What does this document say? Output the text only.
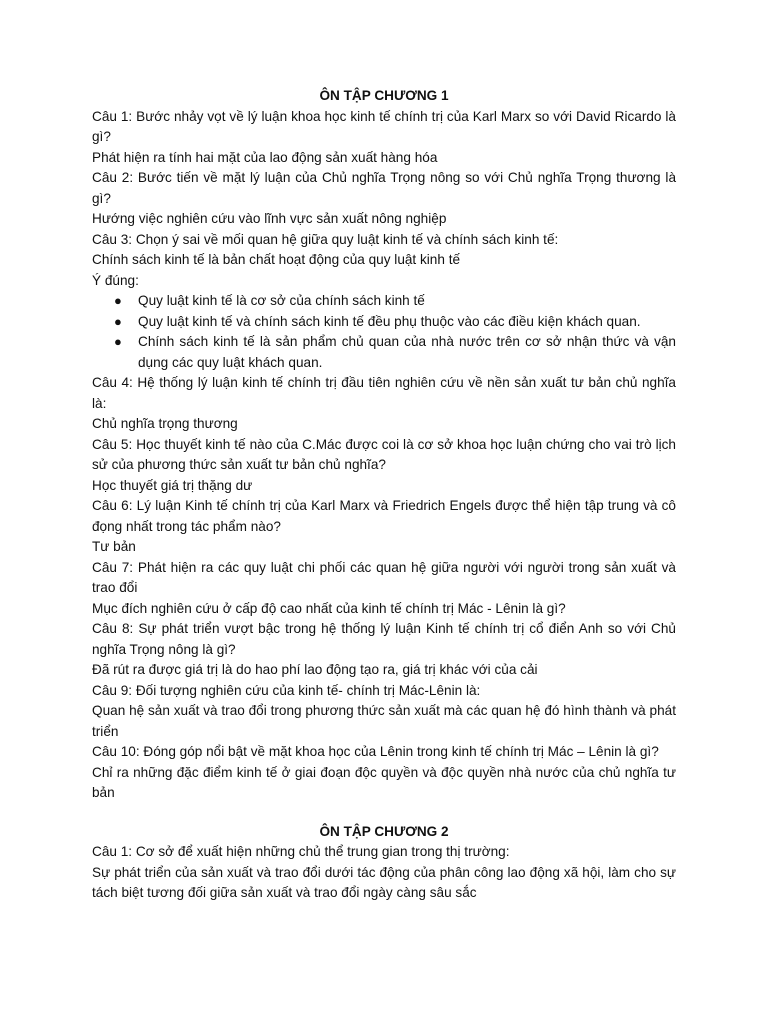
ÔN TẬP CHƯƠNG 1

Câu 1: Bước nhảy vọt về lý luận khoa học kinh tế chính trị của Karl Marx so với David Ricardo là gì?

Phát hiện ra tính hai mặt của lao động sản xuất hàng hóa

Câu 2: Bước tiến về mặt lý luận của Chủ nghĩa Trọng nông so với Chủ nghĩa Trọng thương là gì?

Hướng việc nghiên cứu vào lĩnh vực sản xuất nông nghiệp

Câu 3: Chọn ý sai về mối quan hệ giữa quy luật kinh tế và chính sách kinh tế:

Chính sách kinh tế là bản chất hoạt động của quy luật kinh tế

Ý đúng:

● Quy luật kinh tế là cơ sở của chính sách kinh tế
● Quy luật kinh tế và chính sách kinh tế đều phụ thuộc vào các điều kiện khách quan.
● Chính sách kinh tế là sản phẩm chủ quan của nhà nước trên cơ sở nhận thức và vận dụng các quy luật khách quan.

Câu 4: Hệ thống lý luận kinh tế chính trị đầu tiên nghiên cứu về nền sản xuất tư bản chủ nghĩa là:

Chủ nghĩa trọng thương

Câu 5: Học thuyết kinh tế nào của C.Mác được coi là cơ sở khoa học luận chứng cho vai trò lịch sử của phương thức sản xuất tư bản chủ nghĩa?

Học thuyết giá trị thặng dư

Câu 6: Lý luận Kinh tế chính trị của Karl Marx và Friedrich Engels được thể hiện tập trung và cô đọng nhất trong tác phẩm nào?

Tư bản

Câu 7: Phát hiện ra các quy luật chi phối các quan hệ giữa người với người trong sản xuất và trao đổi

Mục đích nghiên cứu ở cấp độ cao nhất của kinh tế chính trị Mác - Lênin là gì?

Câu 8: Sự phát triển vượt bậc trong hệ thống lý luận Kinh tế chính trị cổ điển Anh so với Chủ nghĩa Trọng nông là gì?

Đã rút ra được giá trị là do hao phí lao động tạo ra, giá trị khác với của cải

Câu 9: Đối tượng nghiên cứu của kinh tế- chính trị Mác-Lênin là:

Quan hệ sản xuất và trao đổi trong phương thức sản xuất mà các quan hệ đó hình thành và phát triển

Câu 10: Đóng góp nổi bật về mặt khoa học của Lênin trong kinh tế chính trị Mác – Lênin là gì?

Chỉ ra những đặc điểm kinh tế ở giai đoạn độc quyền và độc quyền nhà nước của chủ nghĩa tư bản

ÔN TẬP CHƯƠNG 2

Câu 1: Cơ sở để xuất hiện những chủ thể trung gian trong thị trường:

Sự phát triển của sản xuất và trao đổi dưới tác động của phân công lao động xã hội, làm cho sự tách biệt tương đối giữa sản xuất và trao đổi ngày càng sâu sắc
